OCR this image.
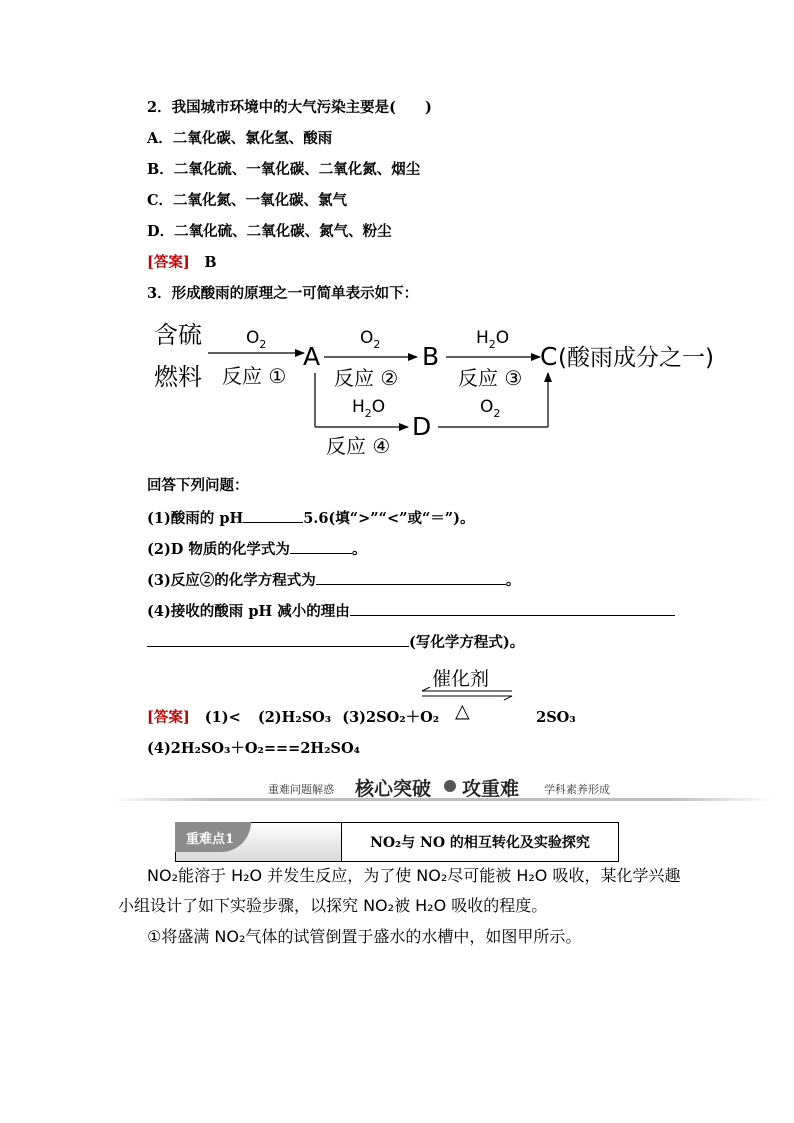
2．我国城市环境中的大气污染主要是(　　)
A．二氧化碳、氯化氢、酸雨
B．二氧化硫、一氧化碳、二氧化氮、烟尘
C．二氧化氮、一氧化碳、氯气
D．二氧化硫、二氧化碳、氮气、粉尘
[答案] B
3．形成酸雨的原理之一可简单表示如下：
含硫
燃料
$O_2$
反应 ①
A
$O_2$
反应 ②
B
$H_2O$
反应 ③
C (酸雨成分之一)
$H_2O$
反应 ④
D
$O_2$
回答下列问题：
(1)酸雨的 pH	5.6(填“>”“<”或“＝”)。
(2)D 物质的化学式为	。
(3)反应②的化学方程式为	。
(4)接收的酸雨 pH 减小的理由
(写化学方程式)。
催化剂
△
[答案] (1)< (2)H₂SO₃ (3)2SO₂＋O₂	2SO₃
(4)2H₂SO₃＋O₂===2H₂SO₄
重难问题解惑 核心突破 攻重难 学科素养形成
重难点1	NO₂与 NO 的相互转化及实验探究
NO₂能溶于 H₂O 并发生反应，为了使 NO₂尽可能被 H₂O 吸收，某化学兴趣
小组设计了如下实验步骤，以探究 NO₂被 H₂O 吸收的程度。
①将盛满 NO₂气体的试管倒置于盛水的水槽中，如图甲所示。
